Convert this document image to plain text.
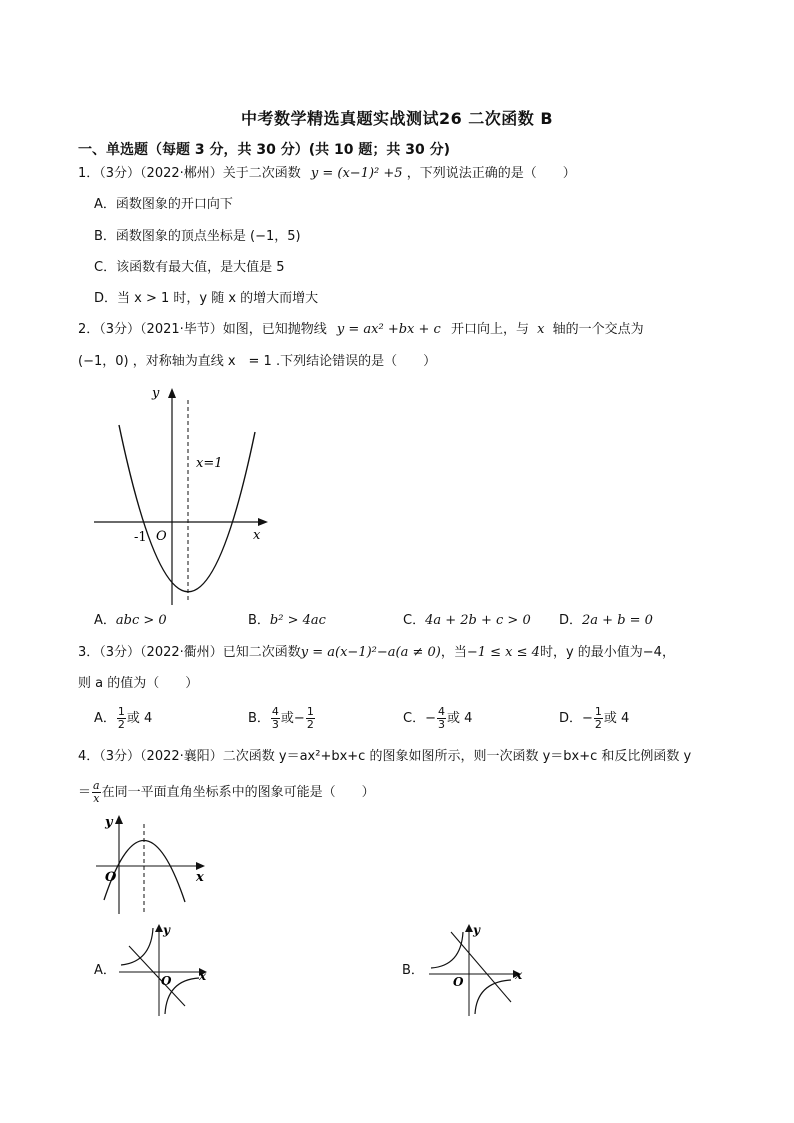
中考数学精选真题实战测试26 二次函数 B
一、单选题（每题 3 分，共 30 分）(共 10 题；共 30 分)
1．（3分）（2022·郴州）关于二次函数 y = (x−1)² +5 ，下列说法正确的是（　　）
A．函数图象的开口向下
B．函数图象的顶点坐标是 (−1，5)
C．该函数有最大值，是大值是 5
D．当 x > 1 时，y 随 x 的增大而增大
2．（3分）（2021·毕节）如图，已知抛物线 y = ax² +bx + c 开口向上，与 x 轴的一个交点为
(−1，0) ，对称轴为直线 x　= 1 .下列结论错误的是（　　）
y
x
x=1
O
-1
A．abc > 0	B．b² > 4ac	C．4a + 2b + c > 0 D．2a + b = 0
3．（3分）（2022·衢州）已知二次函数y = a(x−1)²−a(a ≠ 0)，当−1 ≤ x ≤ 4时，y 的最小值为−4，
则 a 的值为（　　）
A． $\frac{1}{2}$ 或 4	B． $\frac{4}{3}$ 或− $\frac{1}{2}$	C．− $\frac{4}{3}$ 或 4	D．− $\frac{1}{2}$ 或 4
4．（3分）（2022·襄阳）二次函数 y＝ax²+bx+c 的图象如图所示，则一次函数 y＝bx+c 和反比例函数 y
＝ $\frac{a}{x}$ 在同一平面直角坐标系中的图象可能是（　　）
y
x
O
A．
y
x
O
B．
y
x
O
